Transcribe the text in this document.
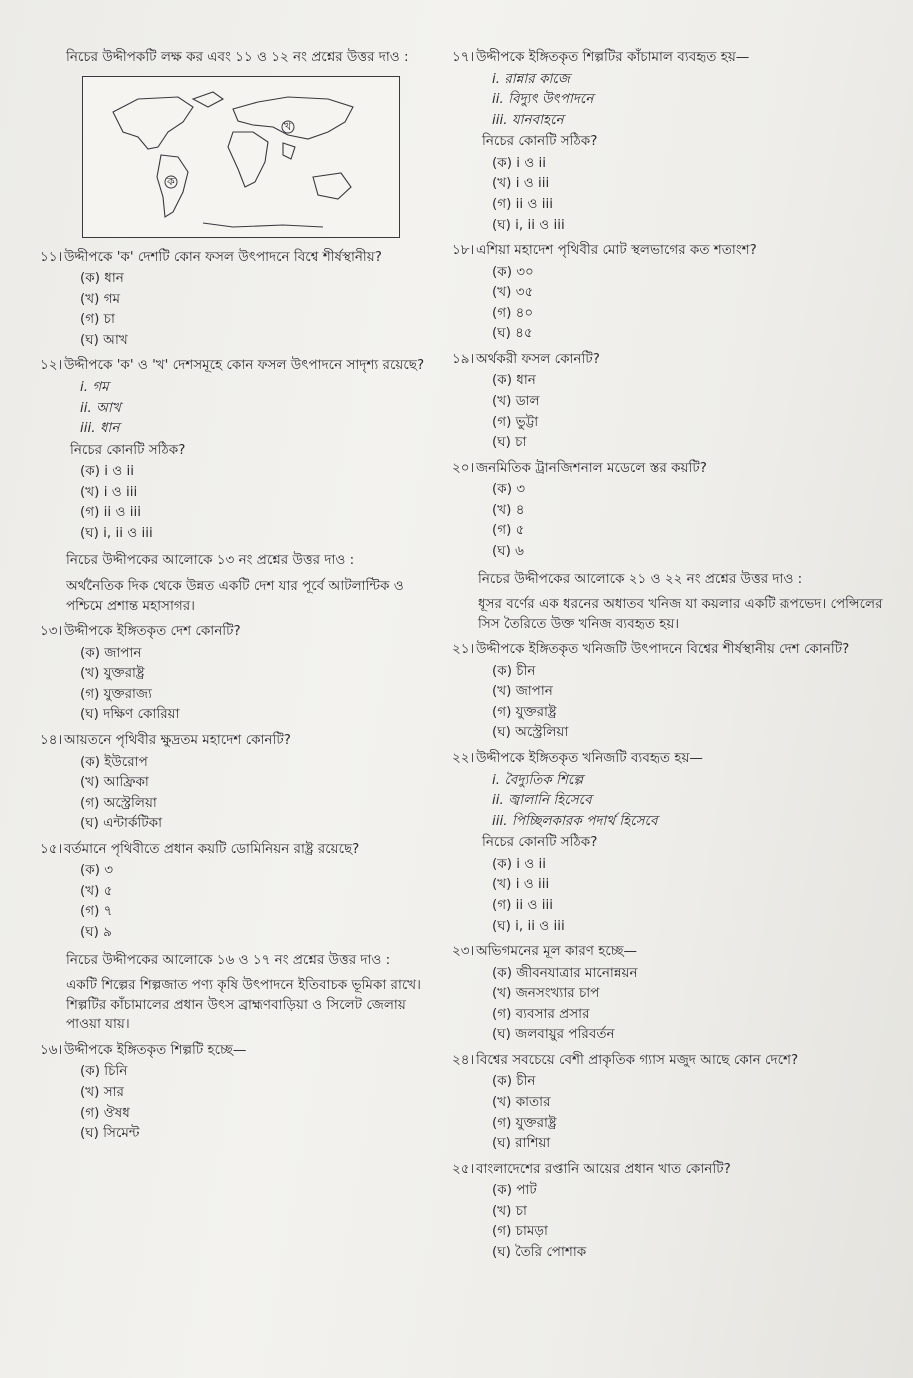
নিচের উদ্দীপকটি লক্ষ কর এবং ১১ ও ১২ নং প্রশ্নের উত্তর দাও :
ক
খ
১১। উদ্দীপকে 'ক' দেশটি কোন ফসল উৎপাদনে বিশ্বে শীর্ষস্থানীয়?
(ক) ধান
(খ) গম
(গ) চা
(ঘ) আখ
১২। উদ্দীপকে 'ক' ও 'খ' দেশসমূহে কোন ফসল উৎপাদনে সাদৃশ্য রয়েছে?
i. গম
ii. আখ
iii. ধান
নিচের কোনটি সঠিক?
(ক) i ও ii
(খ) i ও iii
(গ) ii ও iii
(ঘ) i, ii ও iii
নিচের উদ্দীপকের আলোকে ১৩ নং প্রশ্নের উত্তর দাও :
অর্থনৈতিক দিক থেকে উন্নত একটি দেশ যার পূর্বে আটলান্টিক ও পশ্চিমে প্রশান্ত মহাসাগর।
১৩। উদ্দীপকে ইঙ্গিতকৃত দেশ কোনটি?
(ক) জাপান
(খ) যুক্তরাষ্ট্র
(গ) যুক্তরাজ্য
(ঘ) দক্ষিণ কোরিয়া
১৪। আয়তনে পৃথিবীর ক্ষুদ্রতম মহাদেশ কোনটি?
(ক) ইউরোপ
(খ) আফ্রিকা
(গ) অস্ট্রেলিয়া
(ঘ) এন্টার্কটিকা
১৫। বর্তমানে পৃথিবীতে প্রধান কয়টি ডোমিনিয়ন রাষ্ট্র রয়েছে?
(ক) ৩
(খ) ৫
(গ) ৭
(ঘ) ৯
নিচের উদ্দীপকের আলোকে ১৬ ও ১৭ নং প্রশ্নের উত্তর দাও :
একটি শিল্পের শিল্পজাত পণ্য কৃষি উৎপাদনে ইতিবাচক ভূমিকা রাখে। শিল্পটির কাঁচামালের প্রধান উৎস ব্রাহ্মণবাড়িয়া ও সিলেট জেলায় পাওয়া যায়।
১৬। উদ্দীপকে ইঙ্গিতকৃত শিল্পটি হচ্ছে—
(ক) চিনি
(খ) সার
(গ) ঔষধ
(ঘ) সিমেন্ট
১৭। উদ্দীপকে ইঙ্গিতকৃত শিল্পটির কাঁচামাল ব্যবহৃত হয়—
i. রান্নার কাজে
ii. বিদ্যুৎ উৎপাদনে
iii. যানবাহনে
নিচের কোনটি সঠিক?
(ক) i ও ii
(খ) i ও iii
(গ) ii ও iii
(ঘ) i, ii ও iii
১৮। এশিয়া মহাদেশ পৃথিবীর মোট স্থলভাগের কত শতাংশ?
(ক) ৩০
(খ) ৩৫
(গ) ৪০
(ঘ) ৪৫
১৯। অর্থকরী ফসল কোনটি?
(ক) ধান
(খ) ডাল
(গ) ভুট্টা
(ঘ) চা
২০। জনমিতিক ট্রানজিশনাল মডেলে স্তর কয়টি?
(ক) ৩
(খ) ৪
(গ) ৫
(ঘ) ৬
নিচের উদ্দীপকের আলোকে ২১ ও ২২ নং প্রশ্নের উত্তর দাও :
ধূসর বর্ণের এক ধরনের অধাতব খনিজ যা কয়লার একটি রূপভেদ। পেন্সিলের সিস তৈরিতে উক্ত খনিজ ব্যবহৃত হয়।
২১। উদ্দীপকে ইঙ্গিতকৃত খনিজটি উৎপাদনে বিশ্বের শীর্ষস্থানীয় দেশ কোনটি?
(ক) চীন
(খ) জাপান
(গ) যুক্তরাষ্ট্র
(ঘ) অস্ট্রেলিয়া
২২। উদ্দীপকে ইঙ্গিতকৃত খনিজটি ব্যবহৃত হয়—
i. বৈদ্যুতিক শিল্পে
ii. জ্বালানি হিসেবে
iii. পিচ্ছিলকারক পদার্থ হিসেবে
নিচের কোনটি সঠিক?
(ক) i ও ii
(খ) i ও iii
(গ) ii ও iii
(ঘ) i, ii ও iii
২৩। অভিগমনের মূল কারণ হচ্ছে—
(ক) জীবনযাত্রার মানোন্নয়ন
(খ) জনসংখ্যার চাপ
(গ) ব্যবসার প্রসার
(ঘ) জলবায়ুর পরিবর্তন
২৪। বিশ্বের সবচেয়ে বেশী প্রাকৃতিক গ্যাস মজুদ আছে কোন দেশে?
(ক) চীন
(খ) কাতার
(গ) যুক্তরাষ্ট্র
(ঘ) রাশিয়া
২৫। বাংলাদেশের রপ্তানি আয়ের প্রধান খাত কোনটি?
(ক) পাট
(খ) চা
(গ) চামড়া
(ঘ) তৈরি পোশাক
